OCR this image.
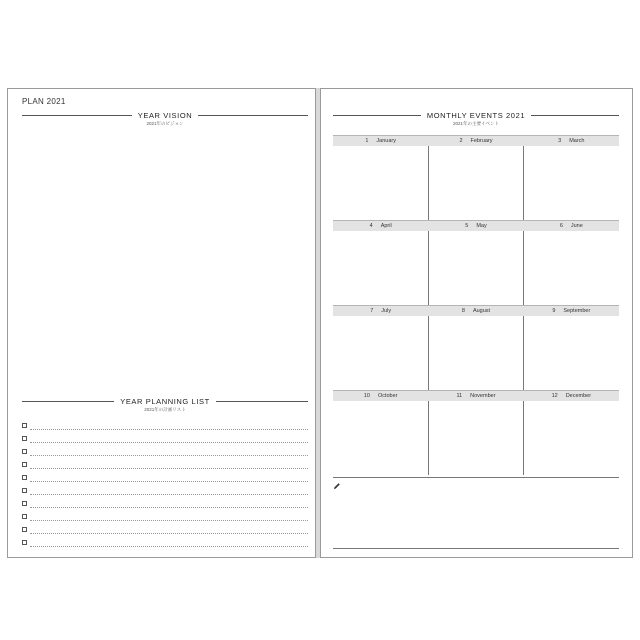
PLAN 2021
YEAR VISION
2021年のビジョン
YEAR PLANNING LIST
2021年の計画リスト
MONTHLY EVENTS 2021
2021年の主要イベント
1 January	2 February	3 March
4 April	5 May	6 June
7 July	8 August	9 September
10 October	11 November	12 December
